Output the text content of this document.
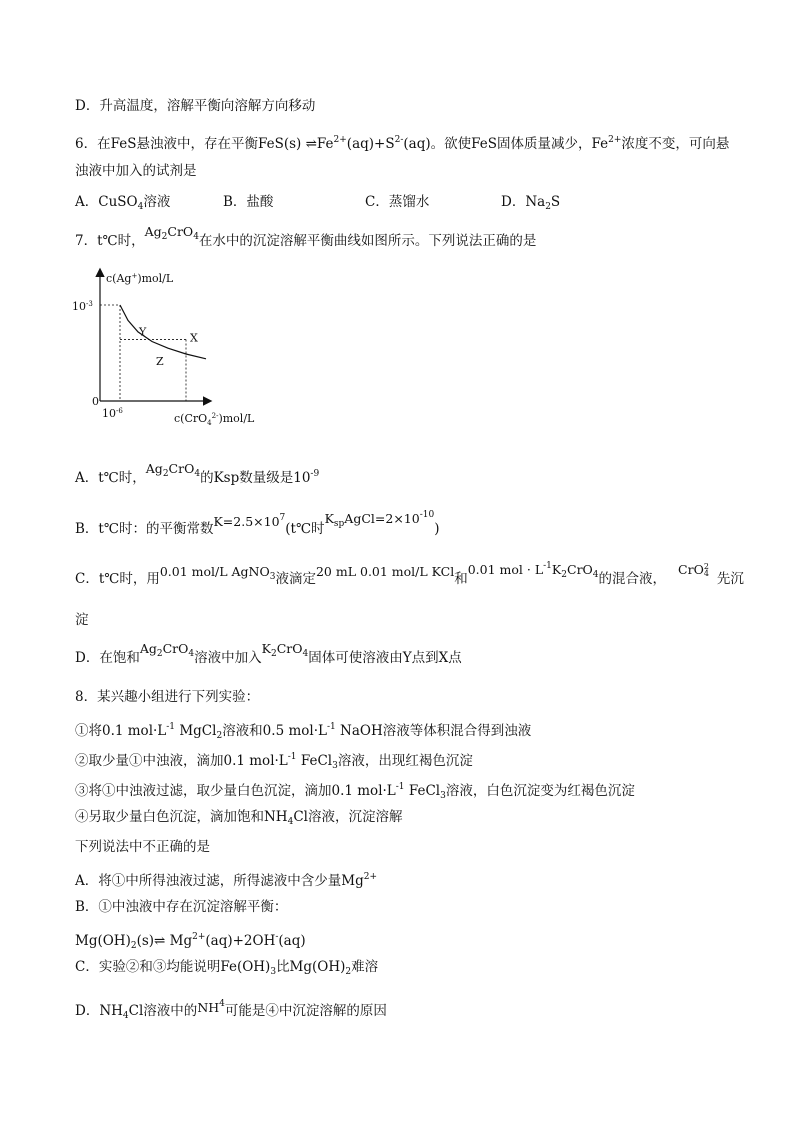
D．升高温度，溶解平衡向溶解方向移动
6．在FeS悬浊液中，存在平衡FeS(s) $\rightleftharpoons Fe^{2+}(aq)+S^{2-}(aq)$。欲使FeS固体质量减少，$Fe^{2+}$浓度不变，可向悬
浊液中加入的试剂是
A．CuSO4溶液	B．盐酸	C．蒸馏水	D．Na2S
7．t℃时，$Ag_2CrO_4$在水中的沉淀溶解平衡曲线如图所示。下列说法正确的是
c(Ag+)mol/L
$10^{-3}$
0
$10^{-6}$
c(CrO$_4^{2-}$)mol/L
Y	X
Z
A．t℃时，$Ag_2CrO_4$的Ksp数量级是$10^{-9}$
B．t℃时：的平衡常数$K=2.5\times 10^7(t℃$时$K_{sp}AgCl=2\times 10^{-10}$)
C．t℃时，用0.01 mol/L AgNO$_3$液滴定20 mL 0.01 mol/L KCl和0.01 mol · $L^{-1}K_2CrO_4$的混合液，CrO 2
4 先沉
淀
D．在饱和$Ag_2CrO_4$溶液中加入$K_2CrO_4$固体可使溶液由Y点到X点
8．某兴趣小组进行下列实验：
①将0.1 $mol\cdot L^{-1}$ MgCl$_2$溶液和0.5 $mol\cdot L^{-1}$ NaOH溶液等体积混合得到浊液
②取少量①中浊液，滴加0.1 $mol\cdot L^{-1}$ FeCl$_3$溶液，出现红褐色沉淀
③将①中浊液过滤，取少量白色沉淀，滴加0.1 $mol\cdot L^{-1}$ FeCl$_3$溶液，白色沉淀变为红褐色沉淀
④另取少量白色沉淀，滴加饱和$NH_4Cl$溶液，沉淀溶解
下列说法中不正确的是
A．将①中所得浊液过滤，所得滤液中含少量$Mg^{2+}$
B．①中浊液中存在沉淀溶解平衡：
$Mg(OH)_2(s)\rightleftharpoons$ $Mg^{2+}(aq)+2OH^-(aq)$
C．实验②和③均能说明$Fe(OH)_3$比$Mg(OH)_2$难溶
D．$NH_4Cl$溶液中的$NH^4$可能是④中沉淀溶解的原因
